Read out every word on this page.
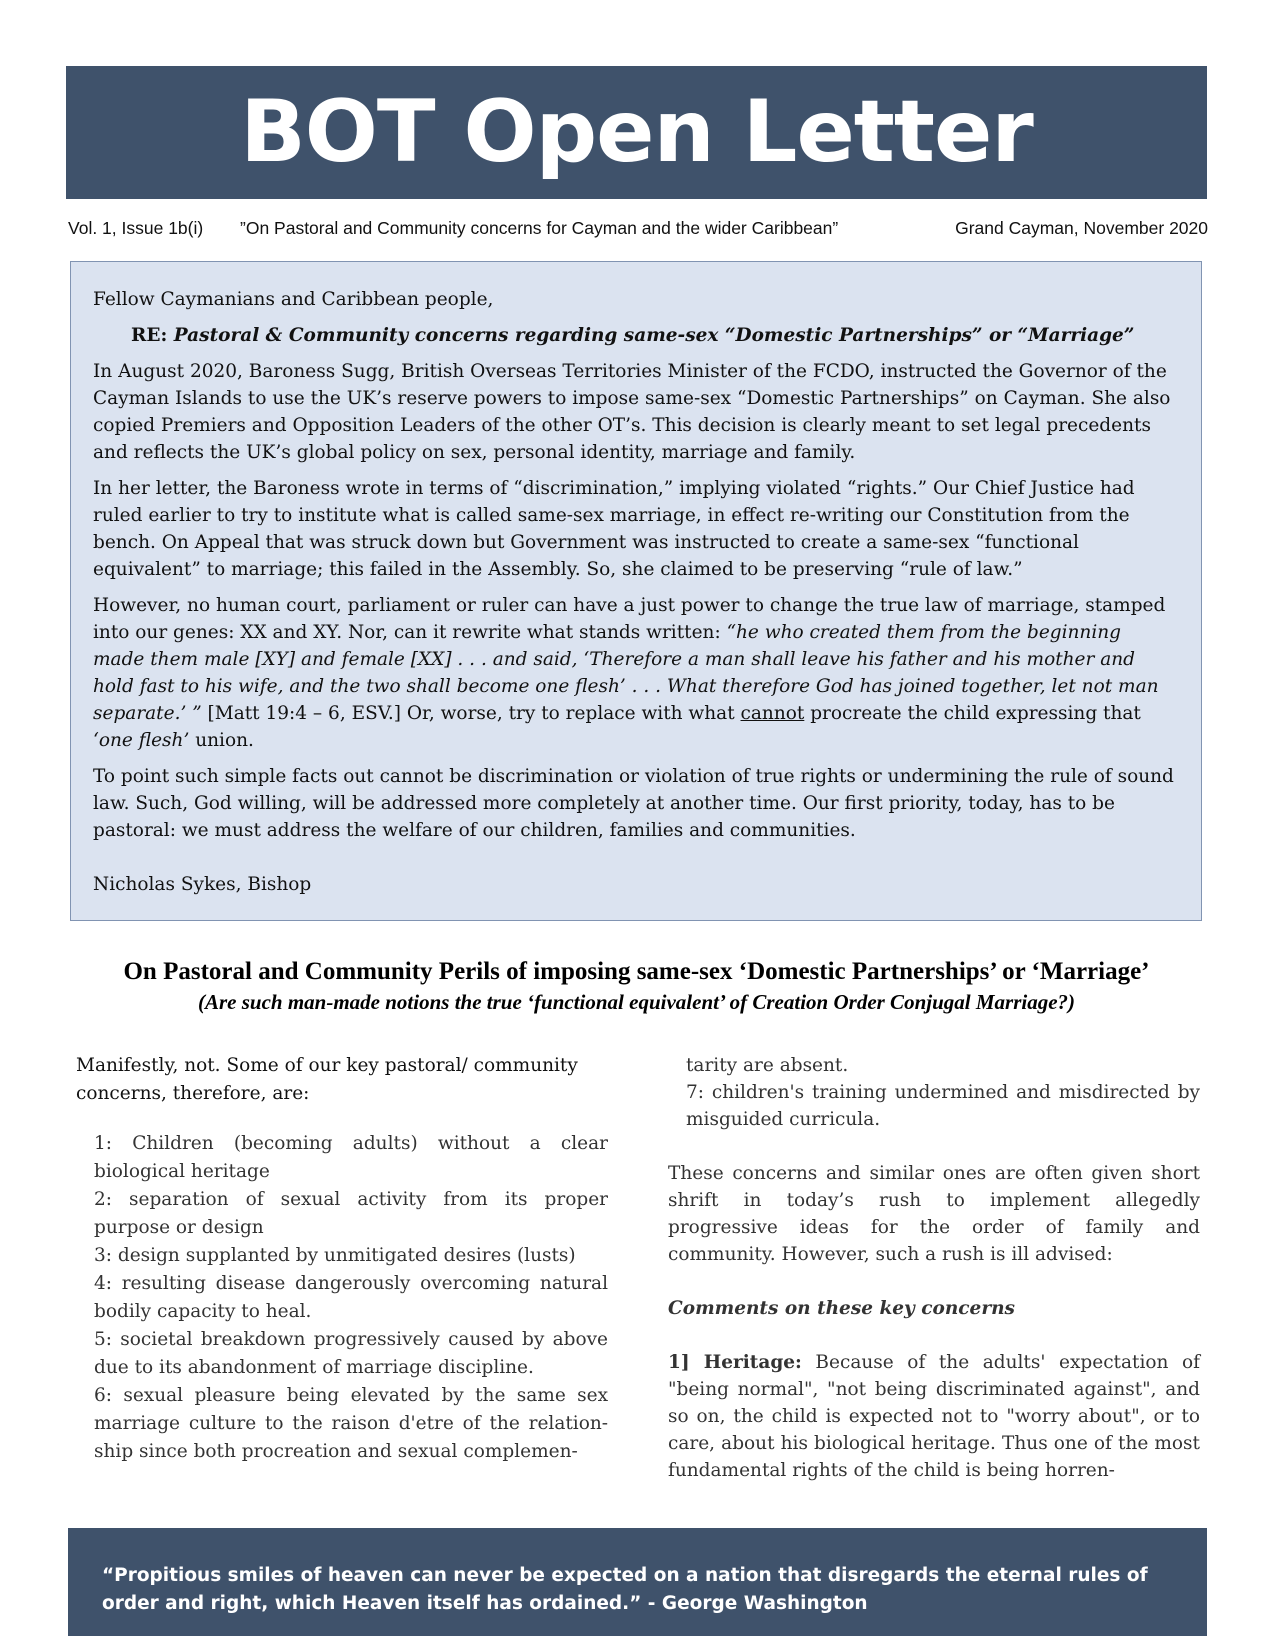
BOT Open Letter
Vol. 1, Issue 1b(i) ”On Pastoral and Community concerns for Cayman and the wider Caribbean”	Grand Cayman, November 2020

Fellow Caymanians and Caribbean people,

RE: Pastoral & Community concerns regarding same-sex “Domestic Partnerships” or “Marriage”

In August 2020, Baroness Sugg, British Overseas Territories Minister of the FCDO, instructed the Governor of the Cayman Islands to use the UK’s reserve powers to impose same-sex “Domestic Partnerships” on Cayman. She also copied Premiers and Opposition Leaders of the other OT’s. This decision is clearly meant to set legal precedents and reflects the UK’s global policy on sex, personal identity, marriage and family.

In her letter, the Baroness wrote in terms of “discrimination,” implying violated “rights.” Our Chief Justice had ruled earlier to try to institute what is called same-sex marriage, in effect re-writing our Constitution from the bench. On Appeal that was struck down but Government was instructed to create a same-sex “functional equivalent” to marriage; this failed in the Assembly. So, she claimed to be preserving “rule of law.”

However, no human court, parliament or ruler can have a just power to change the true law of marriage, stamped into our genes: XX and XY. Nor, can it rewrite what stands written: “he who created them from the beginning made them male [XY] and female [XX] . . . and said, ‘Therefore a man shall leave his father and his mother and hold fast to his wife, and the two shall become one flesh’ . . . What therefore God has joined together, let not man separate.’ ” [Matt 19:4 – 6, ESV.] Or, worse, try to replace with what cannot procreate the child expressing that ‘one flesh’ union.

To point such simple facts out cannot be discrimination or violation of true rights or undermining the rule of sound law. Such, God willing, will be addressed more completely at another time. Our first priority, today, has to be pastoral: we must address the welfare of our children, families and communities.

Nicholas Sykes, Bishop

On Pastoral and Community Perils of imposing same-sex ‘Domestic Partnerships’ or ‘Marriage’
(Are such man-made notions the true ‘functional equivalent’ of Creation Order Conjugal Marriage?)

Manifestly, not. Some of our key pastoral/ community concerns, therefore, are:

1: Children (becoming adults) without a clear biological heritage
2: separation of sexual activity from its proper purpose or design
3: design supplanted by unmitigated desires (lusts)
4: resulting disease dangerously overcoming natural bodily capacity to heal.
5: societal breakdown progressively caused by above due to its abandonment of marriage discipline.
6: sexual pleasure being elevated by the same sex marriage culture to the raison d'etre of the relation-ship since both procreation and sexual complemen-
tarity are absent.
7: children's training undermined and misdirected by misguided curricula.

These concerns and similar ones are often given short shrift in today’s rush to implement allegedly progressive ideas for the order of family and community. However, such a rush is ill advised:

Comments on these key concerns

1] Heritage: Because of the adults' expectation of "being normal", "not being discriminated against", and so on, the child is expected not to "worry about", or to care, about his biological heritage. Thus one of the most fundamental rights of the child is being horren-

“Propitious smiles of heaven can never be expected on a nation that disregards the eternal rules of order and right, which Heaven itself has ordained.” - George Washington
